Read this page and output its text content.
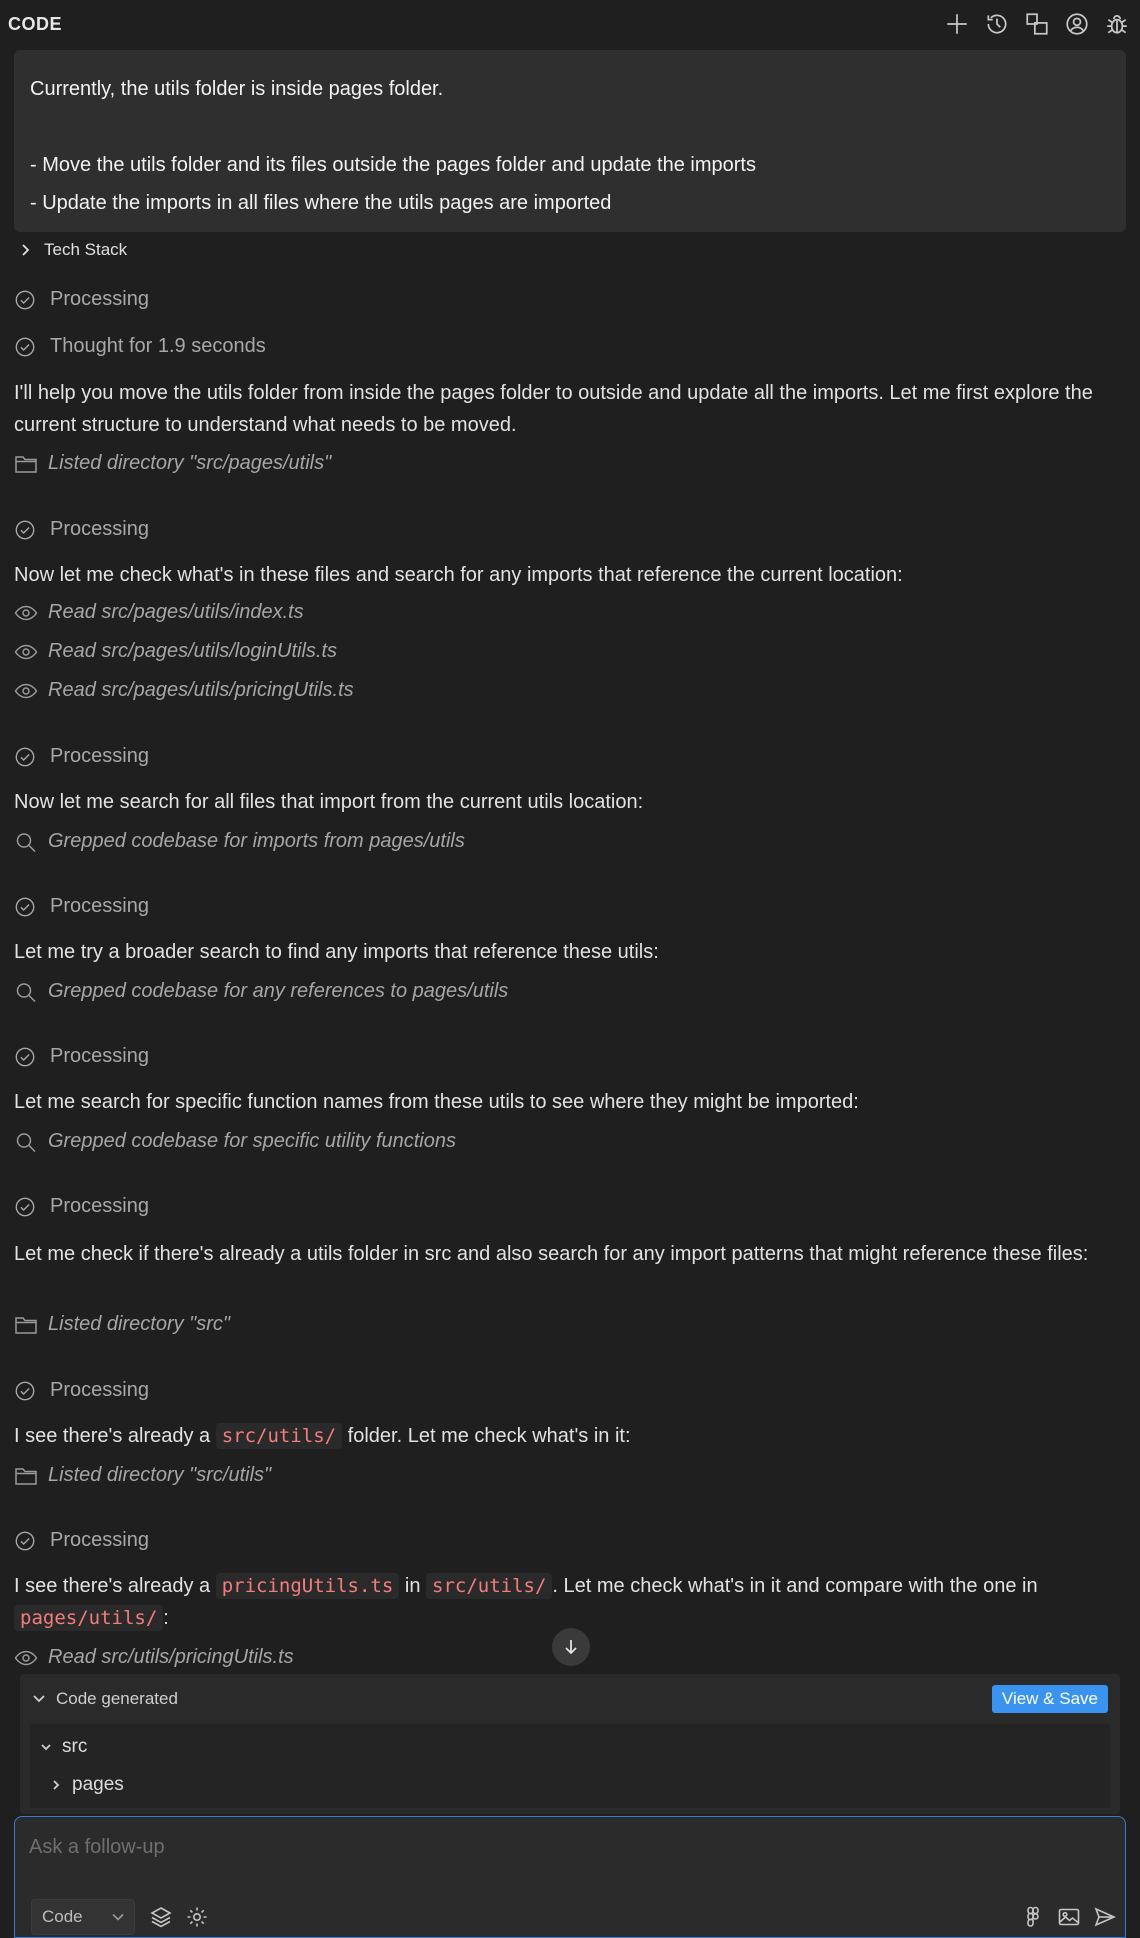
CODE
Currently, the utils folder is inside pages folder.
- Move the utils folder and its files outside the pages folder and update the imports
- Update the imports in all files where the utils pages are imported
Tech Stack
Processing
Thought for 1.9 seconds
I'll help you move the utils folder from inside the pages folder to outside and update all the imports. Let me first explore the current structure to understand what needs to be moved.
Listed directory "src/pages/utils"
Processing
Now let me check what's in these files and search for any imports that reference the current location:
Read src/pages/utils/index.ts
Read src/pages/utils/loginUtils.ts
Read src/pages/utils/pricingUtils.ts
Processing
Now let me search for all files that import from the current utils location:
Grepped codebase for imports from pages/utils
Processing
Let me try a broader search to find any imports that reference these utils:
Grepped codebase for any references to pages/utils
Processing
Let me search for specific function names from these utils to see where they might be imported:
Grepped codebase for specific utility functions
Processing
Let me check if there's already a utils folder in src and also search for any import patterns that might reference these files:
Listed directory "src"
Processing
I see there's already a src/utils/ folder. Let me check what's in it:
Listed directory "src/utils"
Processing
I see there's already a pricingUtils.ts in src/utils/ . Let me check what's in it and compare with the one in
pages/utils/ :
Read src/utils/pricingUtils.ts
Code generated	View & Save
src
pages
Ask a follow-up
Code
